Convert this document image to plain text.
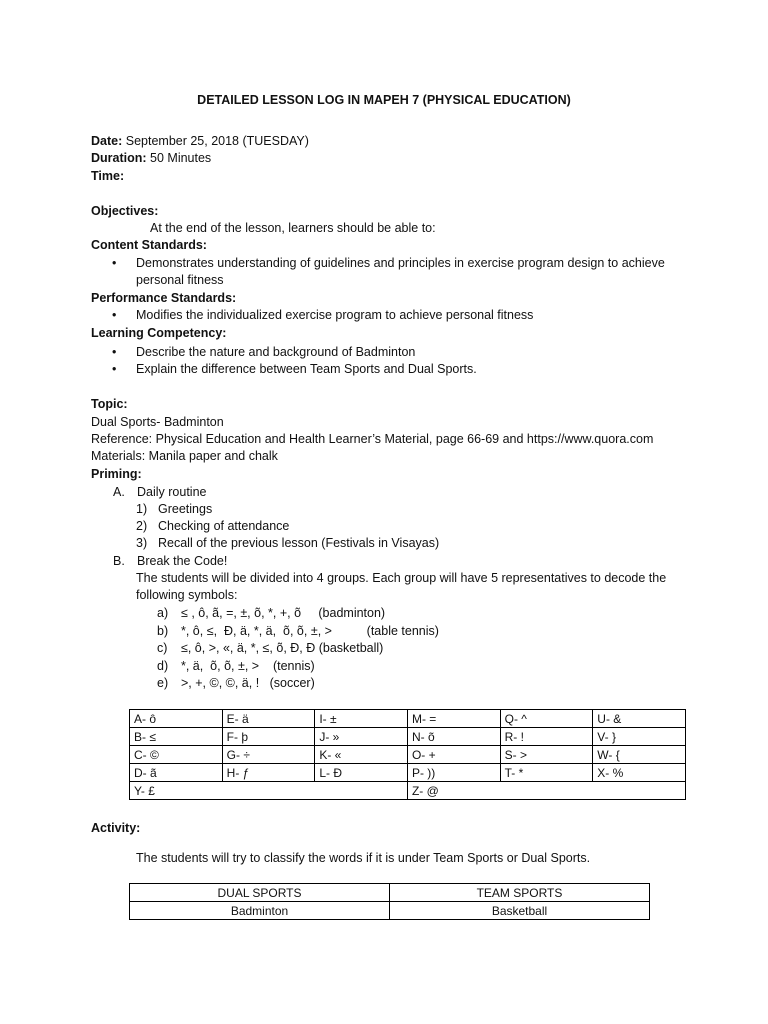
DETAILED LESSON LOG IN MAPEH 7 (PHYSICAL EDUCATION)
Date: September 25, 2018 (TUESDAY)
Duration: 50 Minutes
Time:
Objectives:
At the end of the lesson, learners should be able to:
Content Standards:
• Demonstrates understanding of guidelines and principles in exercise program design to achieve
personal fitness
Performance Standards:
• Modifies the individualized exercise program to achieve personal fitness
Learning Competency:
• Describe the nature and background of Badminton
• Explain the difference between Team Sports and Dual Sports.
Topic:
Dual Sports- Badminton
Reference: Physical Education and Health Learner’s Material, page 66-69 and https://www.quora.com
Materials: Manila paper and chalk
Priming:
A. Daily routine
1) Greetings
2) Checking of attendance
3) Recall of the previous lesson (Festivals in Visayas)
B. Break the Code!
The students will be divided into 4 groups. Each group will have 5 representatives to decode the
following symbols:
a) ≤ , ô, ã, =, ±, õ, *, +, õ     (badminton)
b) *, ô, ≤,  Ð, ä, *, ä,  õ, õ, ±, >          (table tennis)
c) ≤, ô, >, «, ä, *, ≤, õ, Ð, Ð (basketball)
d) *, ä,  õ, õ, ±, >    (tennis)
e) >, +, ©, ©, ä, !   (soccer)
A- ô	E- ä	I- ±	M- =	Q- ^	U- &
B- ≤	F- þ	J- »	N- õ	R- !	V- }
C- ©	G- ÷	K- «	O- +	S- >	W- {
D- ã	H- ƒ	L- Ð	P- ))	T- *	X- %
Y- £			Z- @		
Activity:
The students will try to classify the words if it is under Team Sports or Dual Sports.
DUAL SPORTS	TEAM SPORTS
Badminton	Basketball
